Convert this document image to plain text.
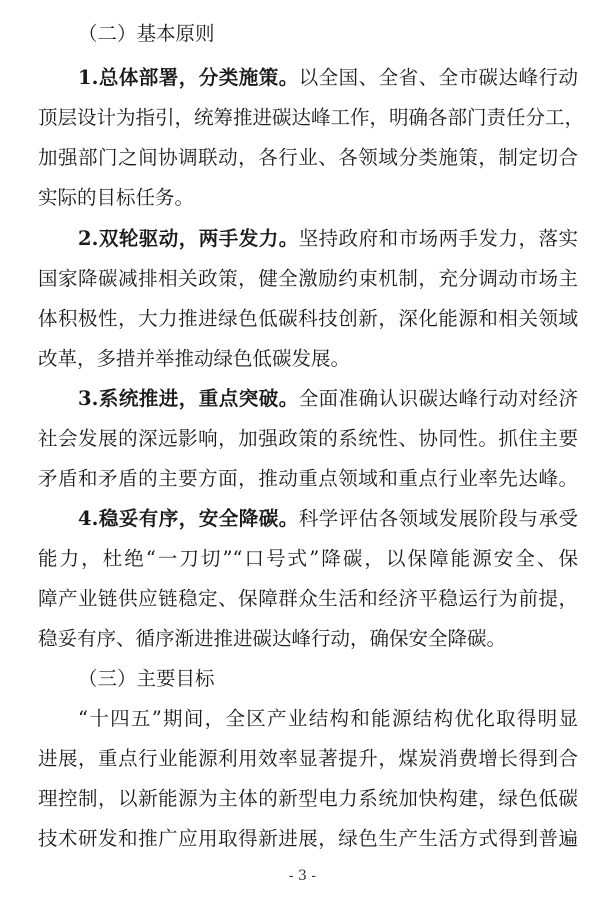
（二）基本原则
1.总体部署，分类施策。以全国、全省、全市碳达峰行动
顶层设计为指引，统筹推进碳达峰工作，明确各部门责任分工，
加强部门之间协调联动，各行业、各领域分类施策，制定切合
实际的目标任务。
2.双轮驱动，两手发力。坚持政府和市场两手发力，落实
国家降碳减排相关政策，健全激励约束机制，充分调动市场主
体积极性，大力推进绿色低碳科技创新，深化能源和相关领域
改革，多措并举推动绿色低碳发展。
3.系统推进，重点突破。全面准确认识碳达峰行动对经济
社会发展的深远影响，加强政策的系统性、协同性。抓住主要
矛盾和矛盾的主要方面，推动重点领域和重点行业率先达峰。
4.稳妥有序，安全降碳。科学评估各领域发展阶段与承受
能力，杜绝“一刀切”“口号式”降碳，以保障能源安全、保
障产业链供应链稳定、保障群众生活和经济平稳运行为前提，
稳妥有序、循序渐进推进碳达峰行动，确保安全降碳。
（三）主要目标
“十四五”期间，全区产业结构和能源结构优化取得明显
进展，重点行业能源利用效率显著提升，煤炭消费增长得到合
理控制，以新能源为主体的新型电力系统加快构建，绿色低碳
技术研发和推广应用取得新进展，绿色生产生活方式得到普遍
- 3 -
